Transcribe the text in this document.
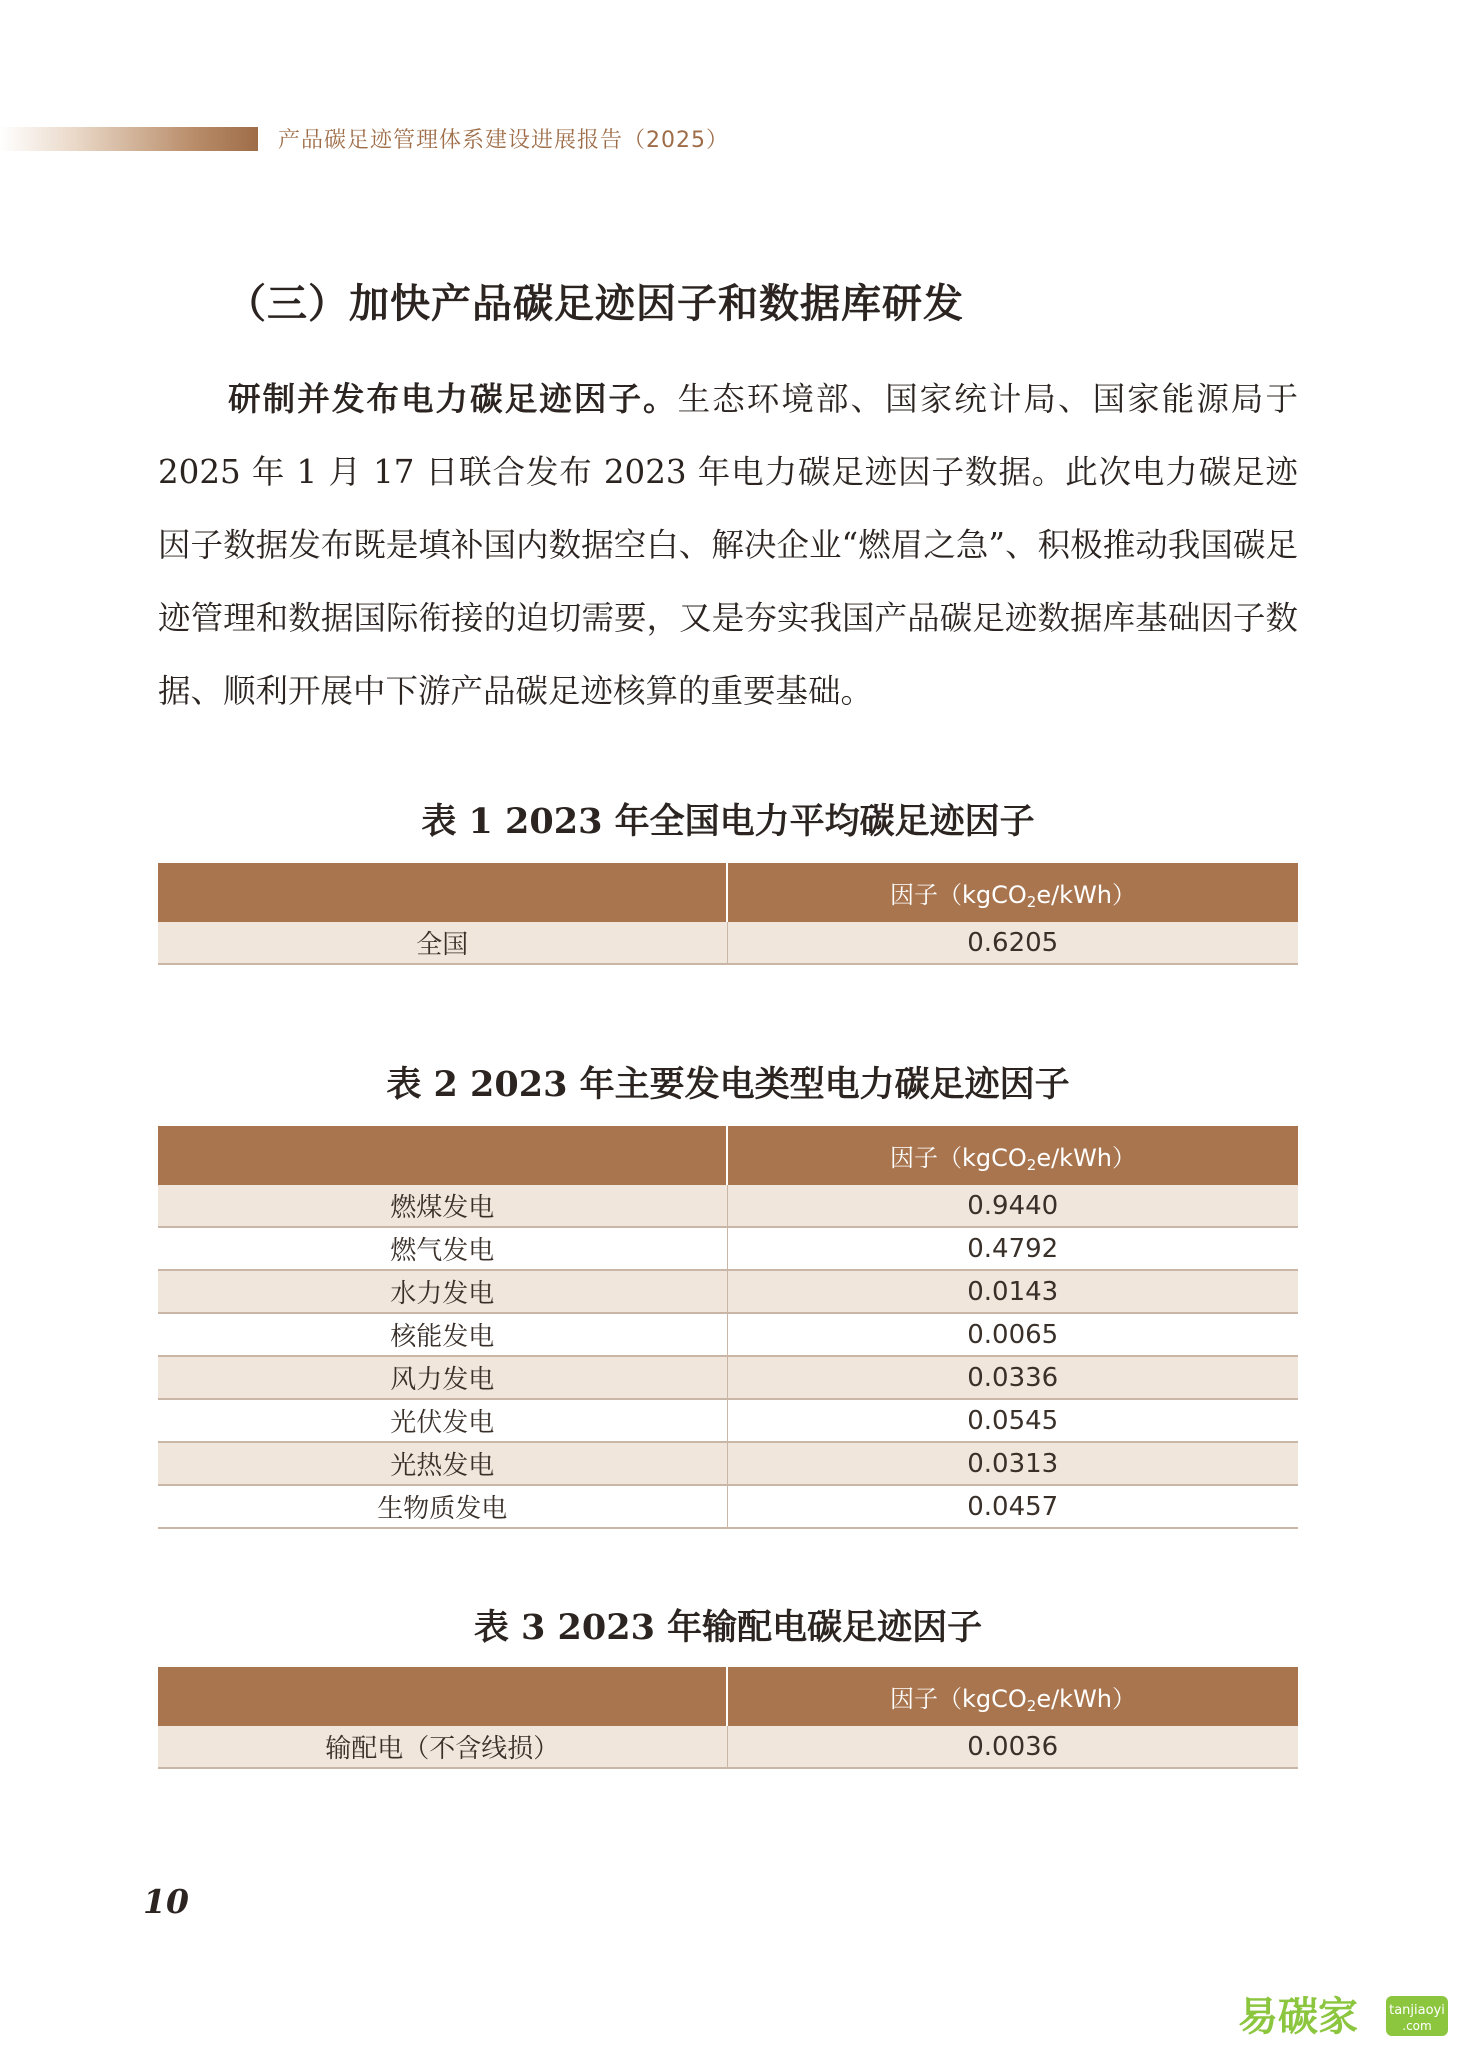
产品碳足迹管理体系建设进展报告（2025）
（三）加快产品碳足迹因子和数据库研发
研制并发布电力碳足迹因子。生态环境部、国家统计局、国家能源局于 2025 年 1 月 17 日联合发布 2023 年电力碳足迹因子数据。此次电力碳足迹因子数据发布既是填补国内数据空白、解决企业“燃眉之急”、积极推动我国碳足迹管理和数据国际衔接的迫切需要，又是夯实我国产品碳足迹数据库基础因子数据、顺利开展中下游产品碳足迹核算的重要基础。
表 1 2023 年全国电力平均碳足迹因子
	因子（kgCO$_2$e/kWh）
全国	0.6205
表 2 2023 年主要发电类型电力碳足迹因子
	因子（kgCO$_2$e/kWh）
燃煤发电	0.9440
燃气发电	0.4792
水力发电	0.0143
核能发电	0.0065
风力发电	0.0336
光伏发电	0.0545
光热发电	0.0313
生物质发电	0.0457
表 3 2023 年输配电碳足迹因子
	因子（kgCO$_2$e/kWh）
输配电（不含线损）	0.0036
10
易碳家 tanjiaoyi
.com
